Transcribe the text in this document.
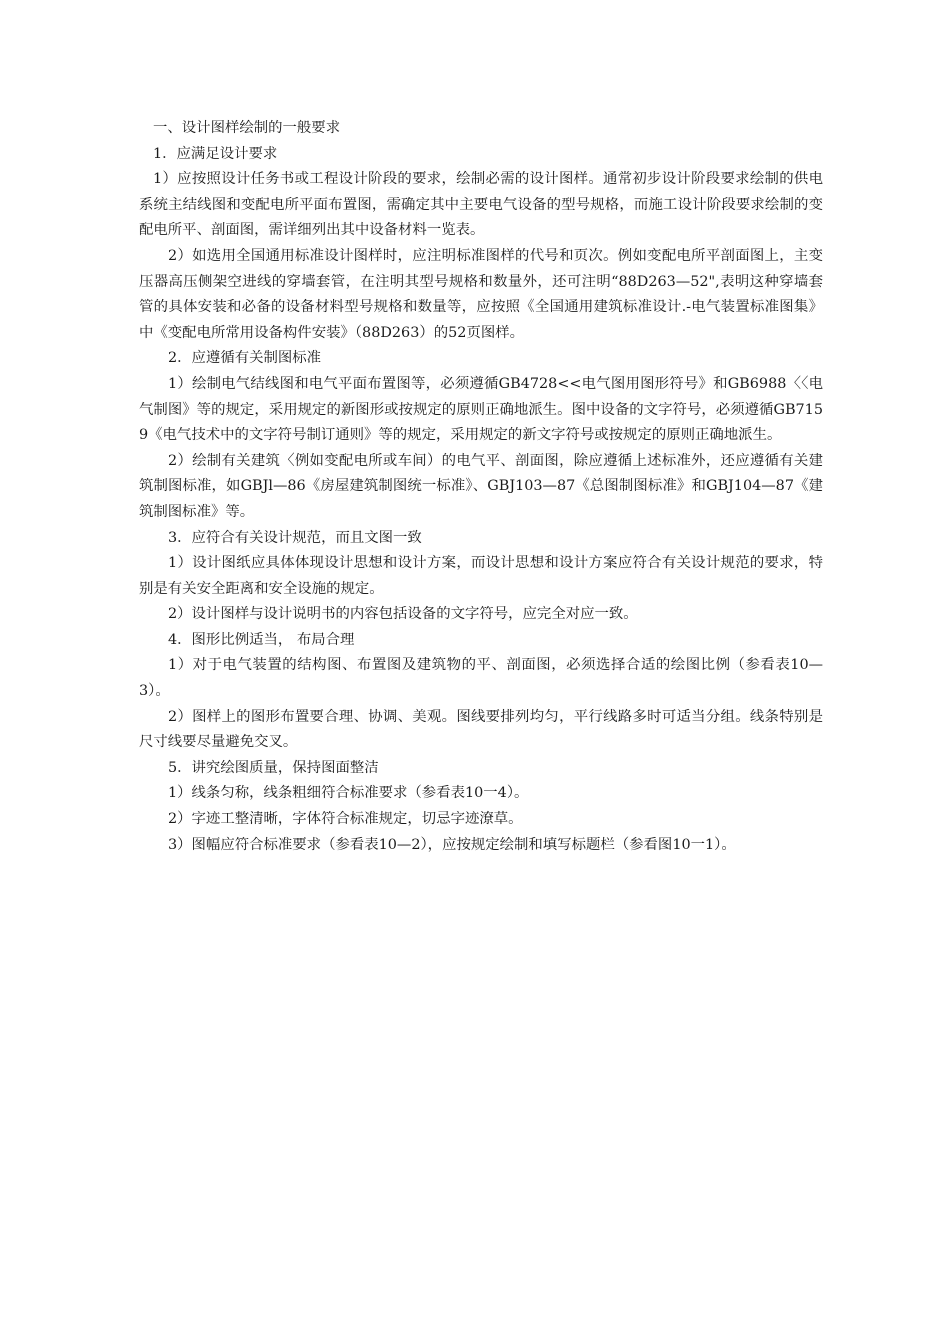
一、设计图样绘制的一般要求

1．应满足设计要求

1）应按照设计任务书或工程设计阶段的要求，绘制必需的设计图样。通常初步设计阶段要求绘制的供电系统主结线图和变配电所平面布置图，需确定其中主要电气设备的型号规格，而施工设计阶段要求绘制的变配电所平、剖面图，需详细列出其中设备材料一览表。

2）如选用全国通用标准设计图样时，应注明标准图样的代号和页次。例如变配电所平剖面图上，主变压器高压侧架空进线的穿墙套管，在注明其型号规格和数量外，还可注明“88D263—52",表明这种穿墙套管的具体安装和必备的设备材料型号规格和数量等，应按照《全国通用建筑标准设计.-电气装置标准图集》中《变配电所常用设备构件安装》（88D263）的52页图样。

2．应遵循有关制图标准

1）绘制电气结线图和电气平面布置图等，必须遵循GB4728<<电气图用图形符号》和GB6988〈〈电气制图》等的规定，采用规定的新图形或按规定的原则正确地派生。图中设备的文字符号，必须遵循GB7159《电气技术中的文字符号制订通则》等的规定，采用规定的新文字符号或按规定的原则正确地派生。

2）绘制有关建筑〈例如变配电所或车间）的电气平、剖面图，除应遵循上述标准外，还应遵循有关建筑制图标准，如GBJl—86《房屋建筑制图统一标准》、GBJ103—87《总图制图标准》和GBJ104—87《建筑制图标准》等。

3．应符合有关设计规范，而且文图一致

1）设计图纸应具体体现设计思想和设计方案，而设计思想和设计方案应符合有关设计规范的要求，特别是有关安全距离和安全设施的规定。

2）设计图样与设计说明书的内容包括设备的文字符号，应完全对应一致。

4．图形比例适当， 布局合理

1）对于电气装置的结构图、布置图及建筑物的平、剖面图，必须选择合适的绘图比例（参看表10—3）。

2）图样上的图形布置要合理、协调、美观。图线要排列均匀，平行线路多时可适当分组。线条特别是尺寸线要尽量避免交叉。

5．讲究绘图质量，保持图面整洁

1）线条匀称，线条粗细符合标准要求（参看表10一4）。

2）字迹工整清晰，字体符合标准规定，切忌字迹潦草。

3）图幅应符合标准要求（参看表10—2），应按规定绘制和填写标题栏（参看图10一1）。
